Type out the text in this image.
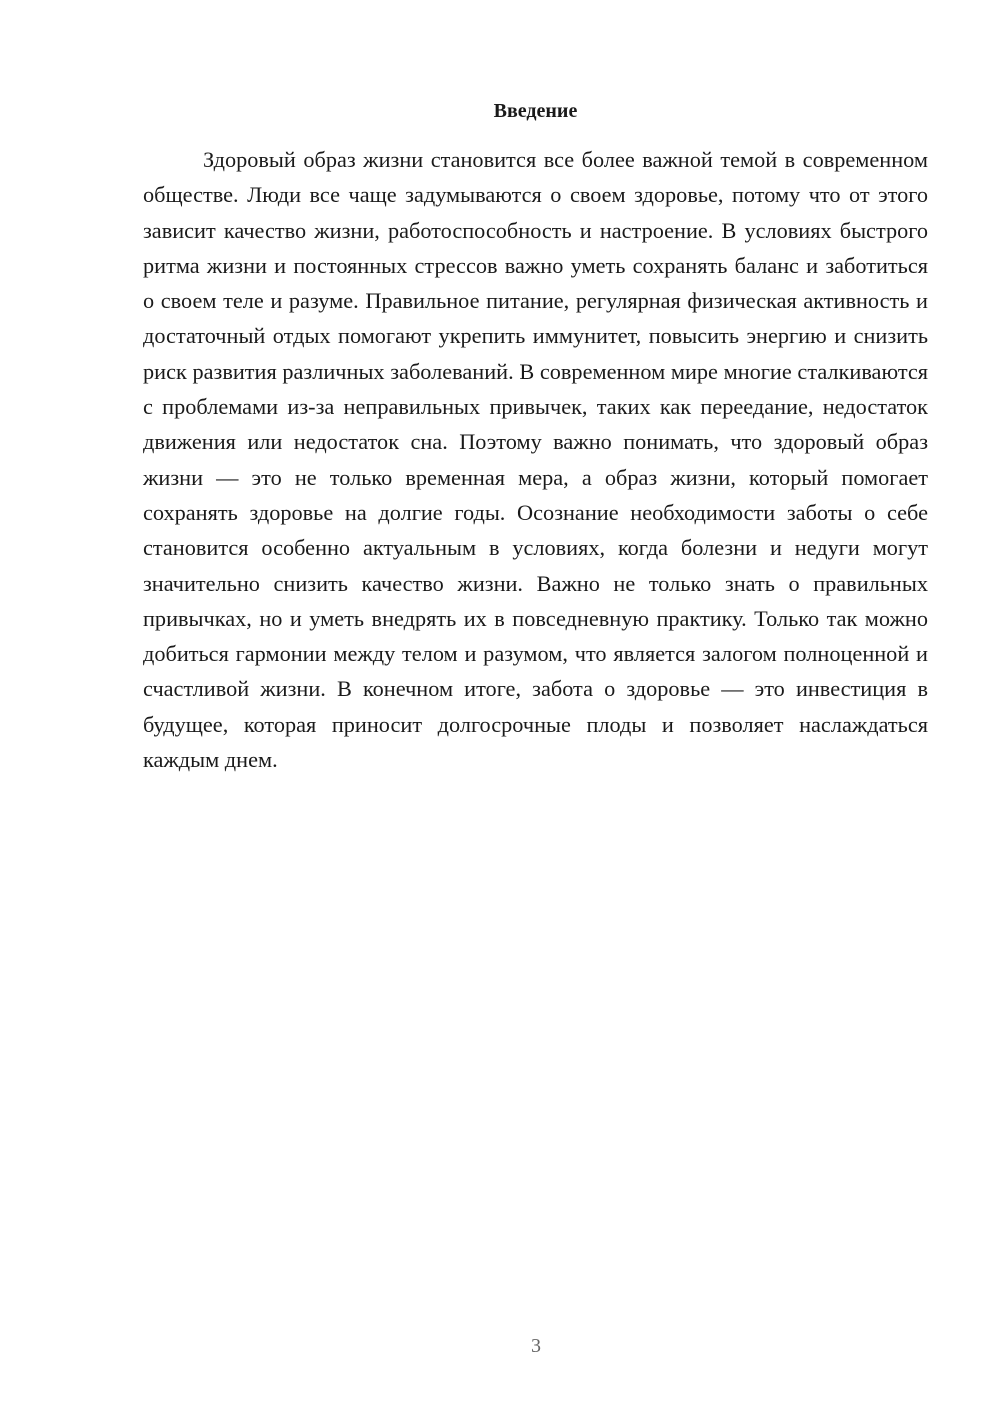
Введение

Здоровый образ жизни становится все более важной темой в современном обществе. Люди все чаще задумываются о своем здоровье, потому что от этого зависит качество жизни, работоспособность и настроение. В условиях быстрого ритма жизни и постоянных стрессов важно уметь сохранять баланс и заботиться о своем теле и разуме. Правильное питание, регулярная физическая активность и достаточный отдых помогают укрепить иммунитет, повысить энергию и снизить риск развития различных заболеваний. В современном мире многие сталкиваются с проблемами из-за неправильных привычек, таких как переедание, недостаток движения или недостаток сна. Поэтому важно понимать, что здоровый образ жизни — это не только временная мера, а образ жизни, который помогает сохранять здоровье на долгие годы. Осознание необходимости заботы о себе становится особенно актуальным в условиях, когда болезни и недуги могут значительно снизить качество жизни. Важно не только знать о правильных привычках, но и уметь внедрять их в повседневную практику. Только так можно добиться гармонии между телом и разумом, что является залогом полноценной и счастливой жизни. В конечном итоге, забота о здоровье — это инвестиция в будущее, которая приносит долгосрочные плоды и позволяет наслаждаться каждым днем.

3
